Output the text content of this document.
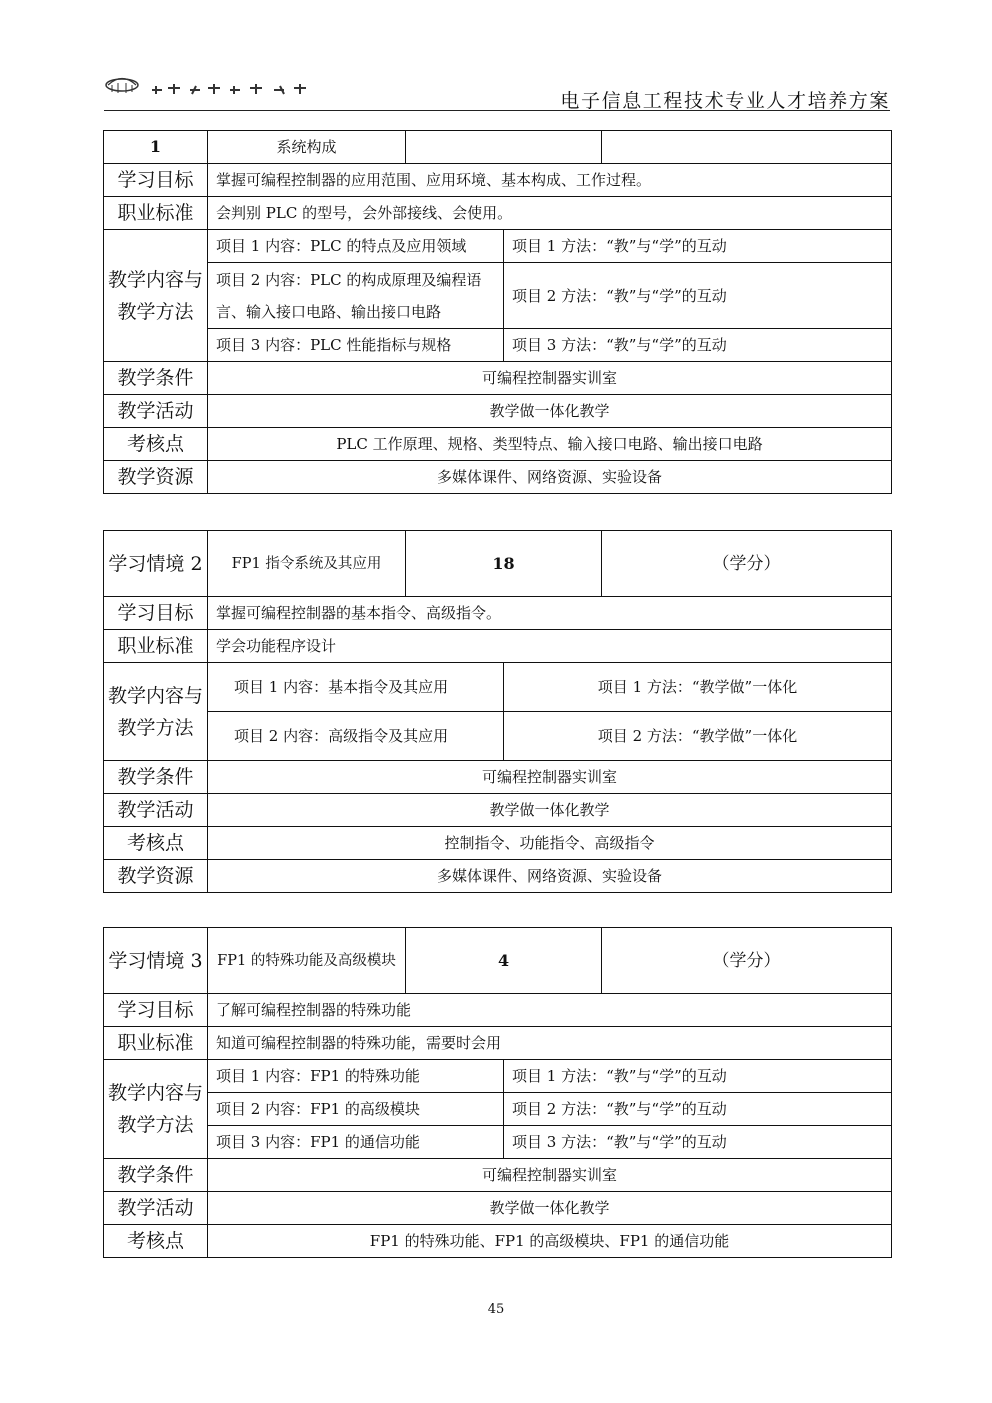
电子信息工程技术专业人才培养方案
1	系统构成			
学习目标	掌握可编程控制器的应用范围、应用环境、基本构成、工作过程。			
职业标准	会判别 PLC 的型号，会外部接线、会使用。			
教学内容与教学方法	项目 1 内容：PLC 的特点及应用领域		项目 1 方法：“教”与“学”的互动	
	项目 2 内容：PLC 的构成原理及编程语言、输入接口电路、输出接口电路		项目 2 方法：“教”与“学”的互动	
	项目 3 内容：PLC 性能指标与规格		项目 3 方法：“教”与“学”的互动	
教学条件	可编程控制器实训室			
教学活动	教学做一体化教学			
考核点	PLC 工作原理、规格、类型特点、输入接口电路、输出接口电路			
教学资源	多媒体课件、网络资源、实验设备			
学习情境 2	FP1 指令系统及其应用	18		（学分）
学习目标	掌握可编程控制器的基本指令、高级指令。			
职业标准	学会功能程序设计			
教学内容与教学方法	项目 1 内容：基本指令及其应用		项目 1 方法：“教学做”一体化	
	项目 2 内容：高级指令及其应用		项目 2 方法：“教学做”一体化	
教学条件	可编程控制器实训室			
教学活动	教学做一体化教学			
考核点	控制指令、功能指令、高级指令			
教学资源	多媒体课件、网络资源、实验设备			
学习情境 3	FP1 的特殊功能及高级模块	4		（学分）
学习目标	了解可编程控制器的特殊功能			
职业标准	知道可编程控制器的特殊功能，需要时会用			
教学内容与教学方法	项目 1 内容：FP1 的特殊功能		项目 1 方法：“教”与“学”的互动	
	项目 2 内容：FP1 的高级模块		项目 2 方法：“教”与“学”的互动	
	项目 3 内容：FP1 的通信功能		项目 3 方法：“教”与“学”的互动	
教学条件	可编程控制器实训室			
教学活动	教学做一体化教学			
考核点	FP1 的特殊功能、FP1 的高级模块、FP1 的通信功能			
45
